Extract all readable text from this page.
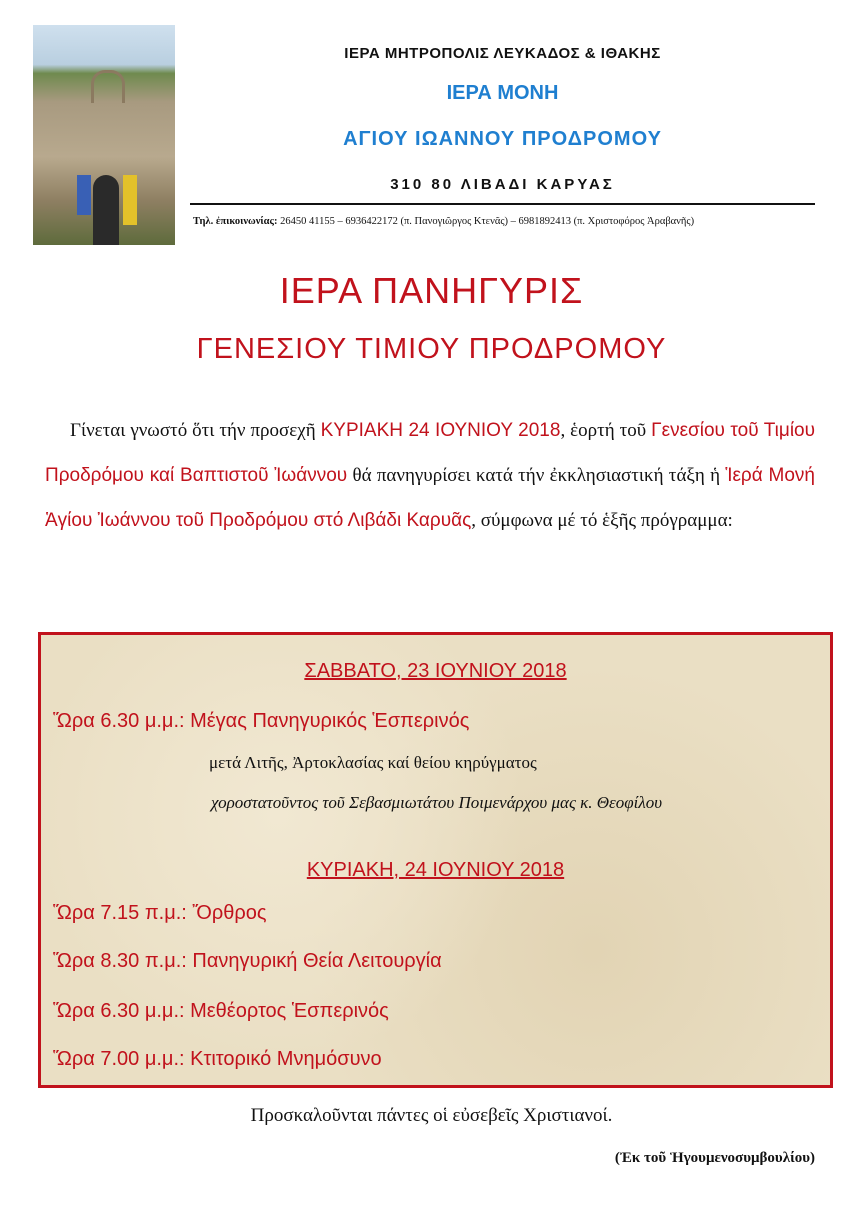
ΙΕΡΑ ΜΗΤΡΟΠΟΛΙΣ ΛΕΥΚΑΔΟΣ & ΙΘΑΚΗΣ
ΙΕΡΑ ΜΟΝΗ
ΑΓΙΟΥ ΙΩΑΝΝΟΥ ΠΡΟΔΡΟΜΟΥ
310 80 ΛΙΒΑΔΙ ΚΑΡΥΑΣ
Τηλ. ἐπικοινωνίας: 26450 41155 – 6936422172 (π. Πανογιῶργος Κτενᾶς) – 6981892413 (π. Χριστοφόρος Ἀραβανῆς)
ΙΕΡΑ ΠΑΝΗΓΥΡΙΣ
ΓΕΝΕΣΙΟΥ ΤΙΜΙΟΥ ΠΡΟΔΡΟΜΟΥ
Γίνεται γνωστό ὅτι τήν προσεχῆ ΚΥΡΙΑΚΗ 24 ΙΟΥΝΙΟΥ 2018, ἑορτή τοῦ Γενεσίου τοῦ Τιμίου Προδρόμου καί Βαπτιστοῦ Ἰωάννου θά πανηγυρίσει κατά τήν ἐκκλησιαστική τάξη ἡ Ἱερά Μονή Ἁγίου Ἰωάννου τοῦ Προδρόμου στό Λιβάδι Καρυᾶς, σύμφωνα μέ τό ἑξῆς πρόγραμμα:
ΣΑΒΒΑΤΟ, 23 ΙΟΥΝΙΟΥ 2018
Ὥρα 6.30 μ.μ.: Μέγας Πανηγυρικός Ἑσπερινός
μετά Λιτῆς, Ἀρτοκλασίας καί θείου κηρύγματος
χοροστατοῦντος τοῦ Σεβασμιωτάτου Ποιμενάρχου μας κ. Θεοφίλου
ΚΥΡΙΑΚΗ, 24 ΙΟΥΝΙΟΥ 2018
Ὥρα 7.15 π.μ.: Ὄρθρος
Ὥρα 8.30 π.μ.: Πανηγυρική Θεία Λειτουργία
Ὥρα 6.30 μ.μ.: Μεθέορτος Ἑσπερινός
Ὥρα 7.00 μ.μ.: Κτιτορικό Μνημόσυνο
Προσκαλοῦνται πάντες οἱ εὐσεβεῖς Χριστιανοί.
(Ἐκ τοῦ Ἡγουμενοσυμβουλίου)
